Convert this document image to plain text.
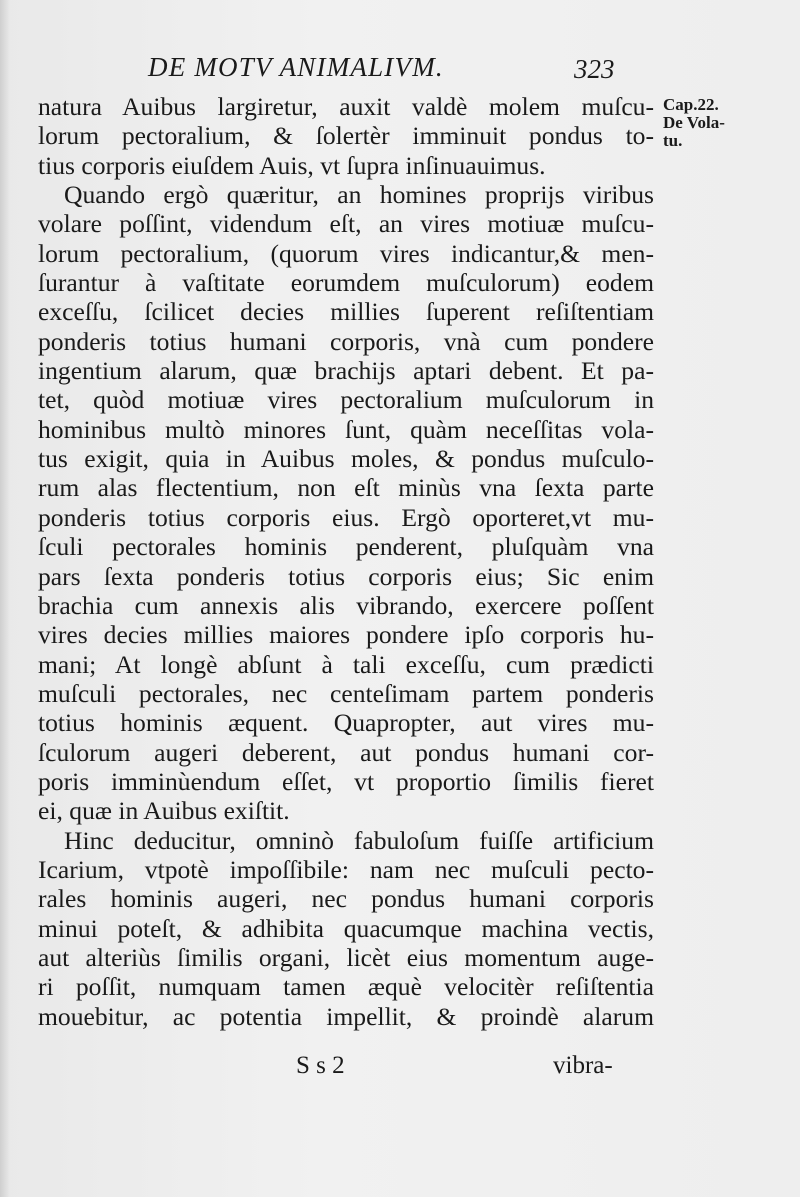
DE MOTV ANIMALIVM.	323
Cap.22.
De Vola-
tu.
natura Auibus largiretur, auxit valdè molem muſcu-
lorum pectoralium, & ſolertèr imminuit pondus to-
tius corporis eiuſdem Auis, vt ſupra inſinuauimus.
Quando ergò quæritur, an homines proprijs viribus
volare poſſint, videndum eſt, an vires motiuæ muſcu-
lorum pectoralium, (quorum vires indicantur,& men-
ſurantur à vaſtitate eorumdem muſculorum) eodem
exceſſu, ſcilicet decies millies ſuperent reſiſtentiam
ponderis totius humani corporis, vnà cum pondere
ingentium alarum, quæ brachijs aptari debent. Et pa-
tet, quòd motiuæ vires pectoralium muſculorum in
hominibus multò minores ſunt, quàm neceſſitas vola-
tus exigit, quia in Auibus moles, & pondus muſculo-
rum alas flectentium, non eſt minùs vna ſexta parte
ponderis totius corporis eius. Ergò oporteret,vt mu-
ſculi pectorales hominis penderent, pluſquàm vna
pars ſexta ponderis totius corporis eius; Sic enim
brachia cum annexis alis vibrando, exercere poſſent
vires decies millies maiores pondere ipſo corporis hu-
mani; At longè abſunt à tali exceſſu, cum prædicti
muſculi pectorales, nec centeſimam partem ponderis
totius hominis æquent. Quapropter, aut vires mu-
ſculorum augeri deberent, aut pondus humani cor-
poris imminùendum eſſet, vt proportio ſimilis fieret
ei, quæ in Auibus exiſtit.
Hinc deducitur, omninò fabuloſum fuiſſe artificium
Icarium, vtpotè impoſſibile: nam nec muſculi pecto-
rales hominis augeri, nec pondus humani corporis
minui poteſt, & adhibita quacumque machina vectis,
aut alteriùs ſimilis organi, licèt eius momentum auge-
ri poſſit, numquam tamen æquè velocitèr reſiſtentia
mouebitur, ac potentia impellit, & proindè alarum
S s 2	vibra-
